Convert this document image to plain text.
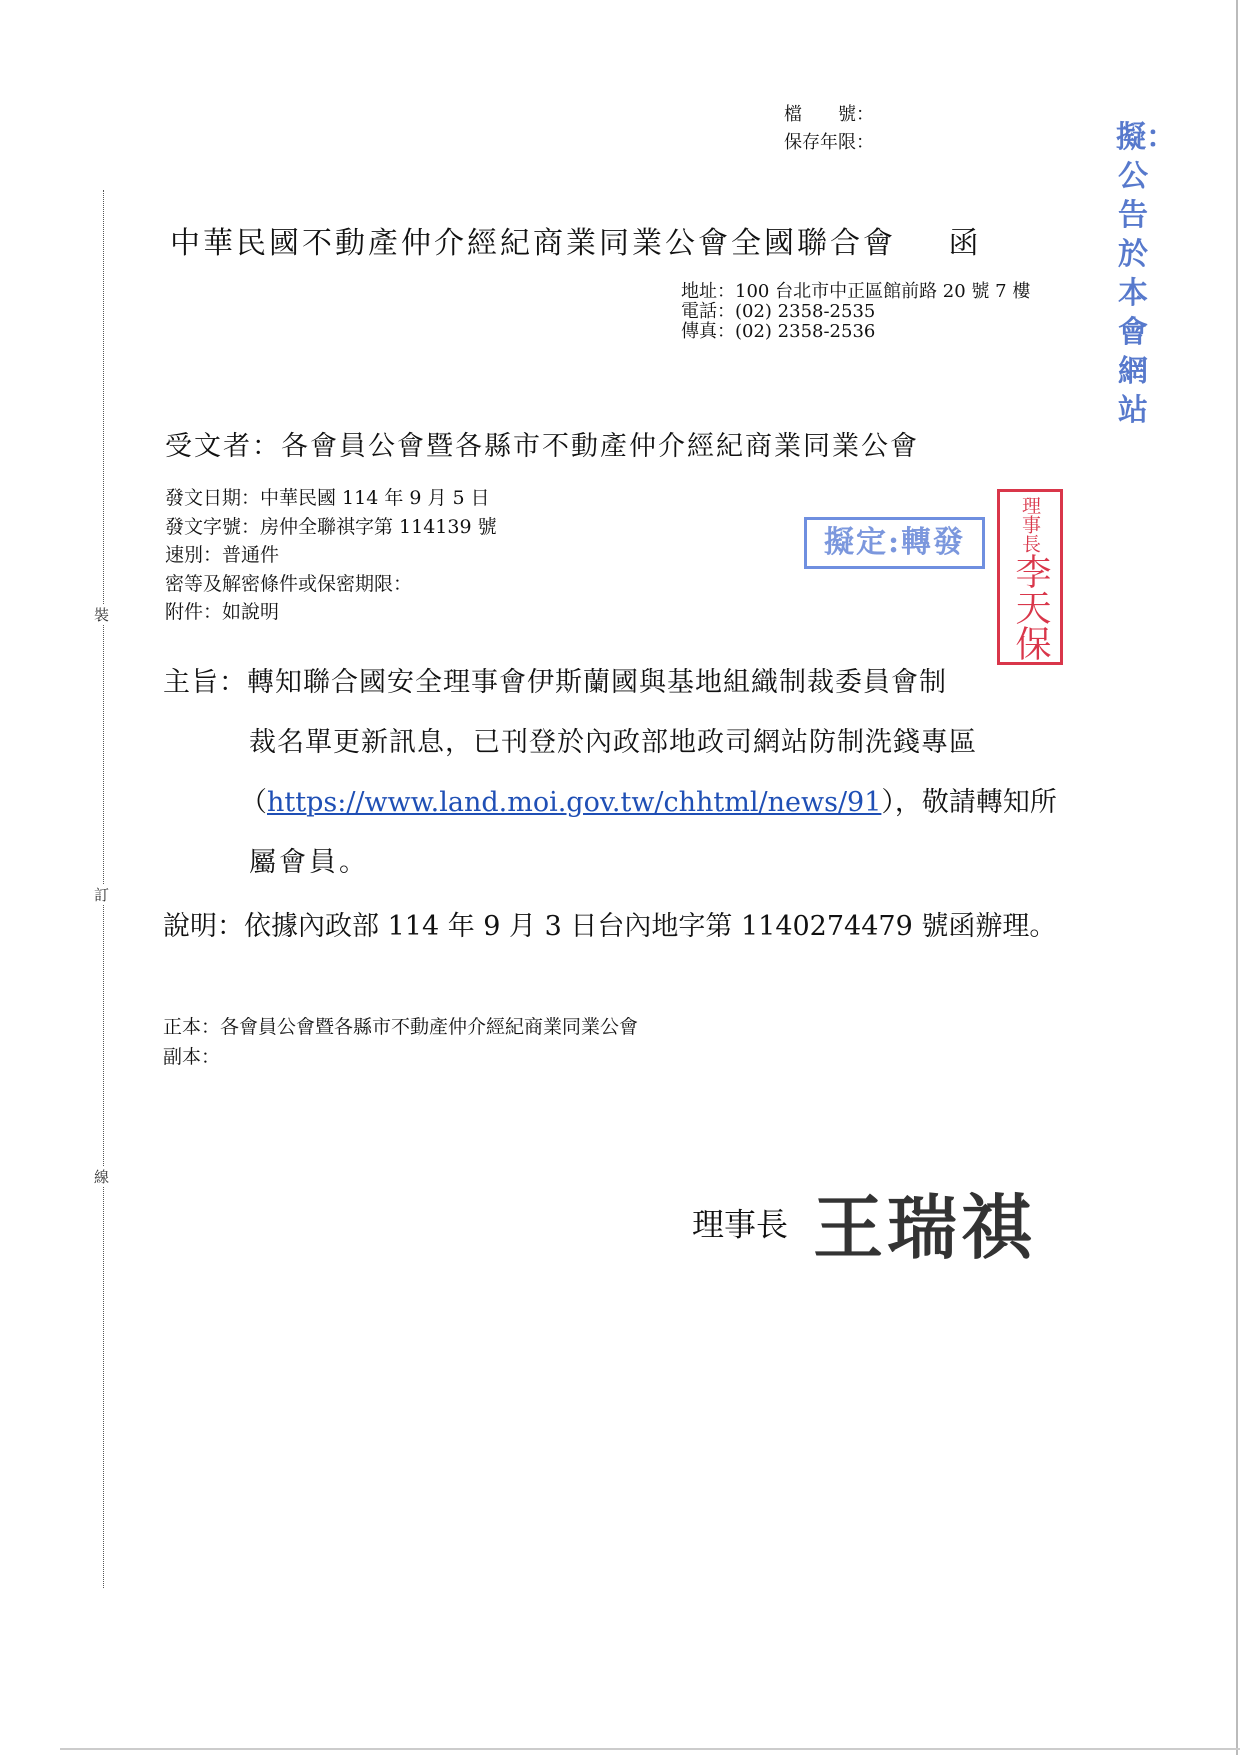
裝
訂
線
檔　　號：
保存年限：
中華民國不動產仲介經紀商業同業公會全國聯合會 函
地址：100 台北市中正區館前路 20 號 7 樓
電話：(02) 2358-2535
傳真：(02) 2358-2536
受文者：各會員公會暨各縣市不動產仲介經紀商業同業公會
發文日期：中華民國 114 年 9 月 5 日
發文字號：房仲全聯祺字第 114139 號
速別：普通件
密等及解密條件或保密期限：
附件：如說明
擬：公告於本會網站
擬定:轉發	理事長
李天保
主旨：轉知聯合國安全理事會伊斯蘭國與基地組織制裁委員會制
裁名單更新訊息，已刊登於內政部地政司網站防制洗錢專區
（https://www.land.moi.gov.tw/chhtml/news/91），敬請轉知所
屬會員。
說明：依據內政部 114 年 9 月 3 日台內地字第 1140274479 號函辦理。
正本：各會員公會暨各縣市不動產仲介經紀商業同業公會
副本：
理事長 王瑞祺
